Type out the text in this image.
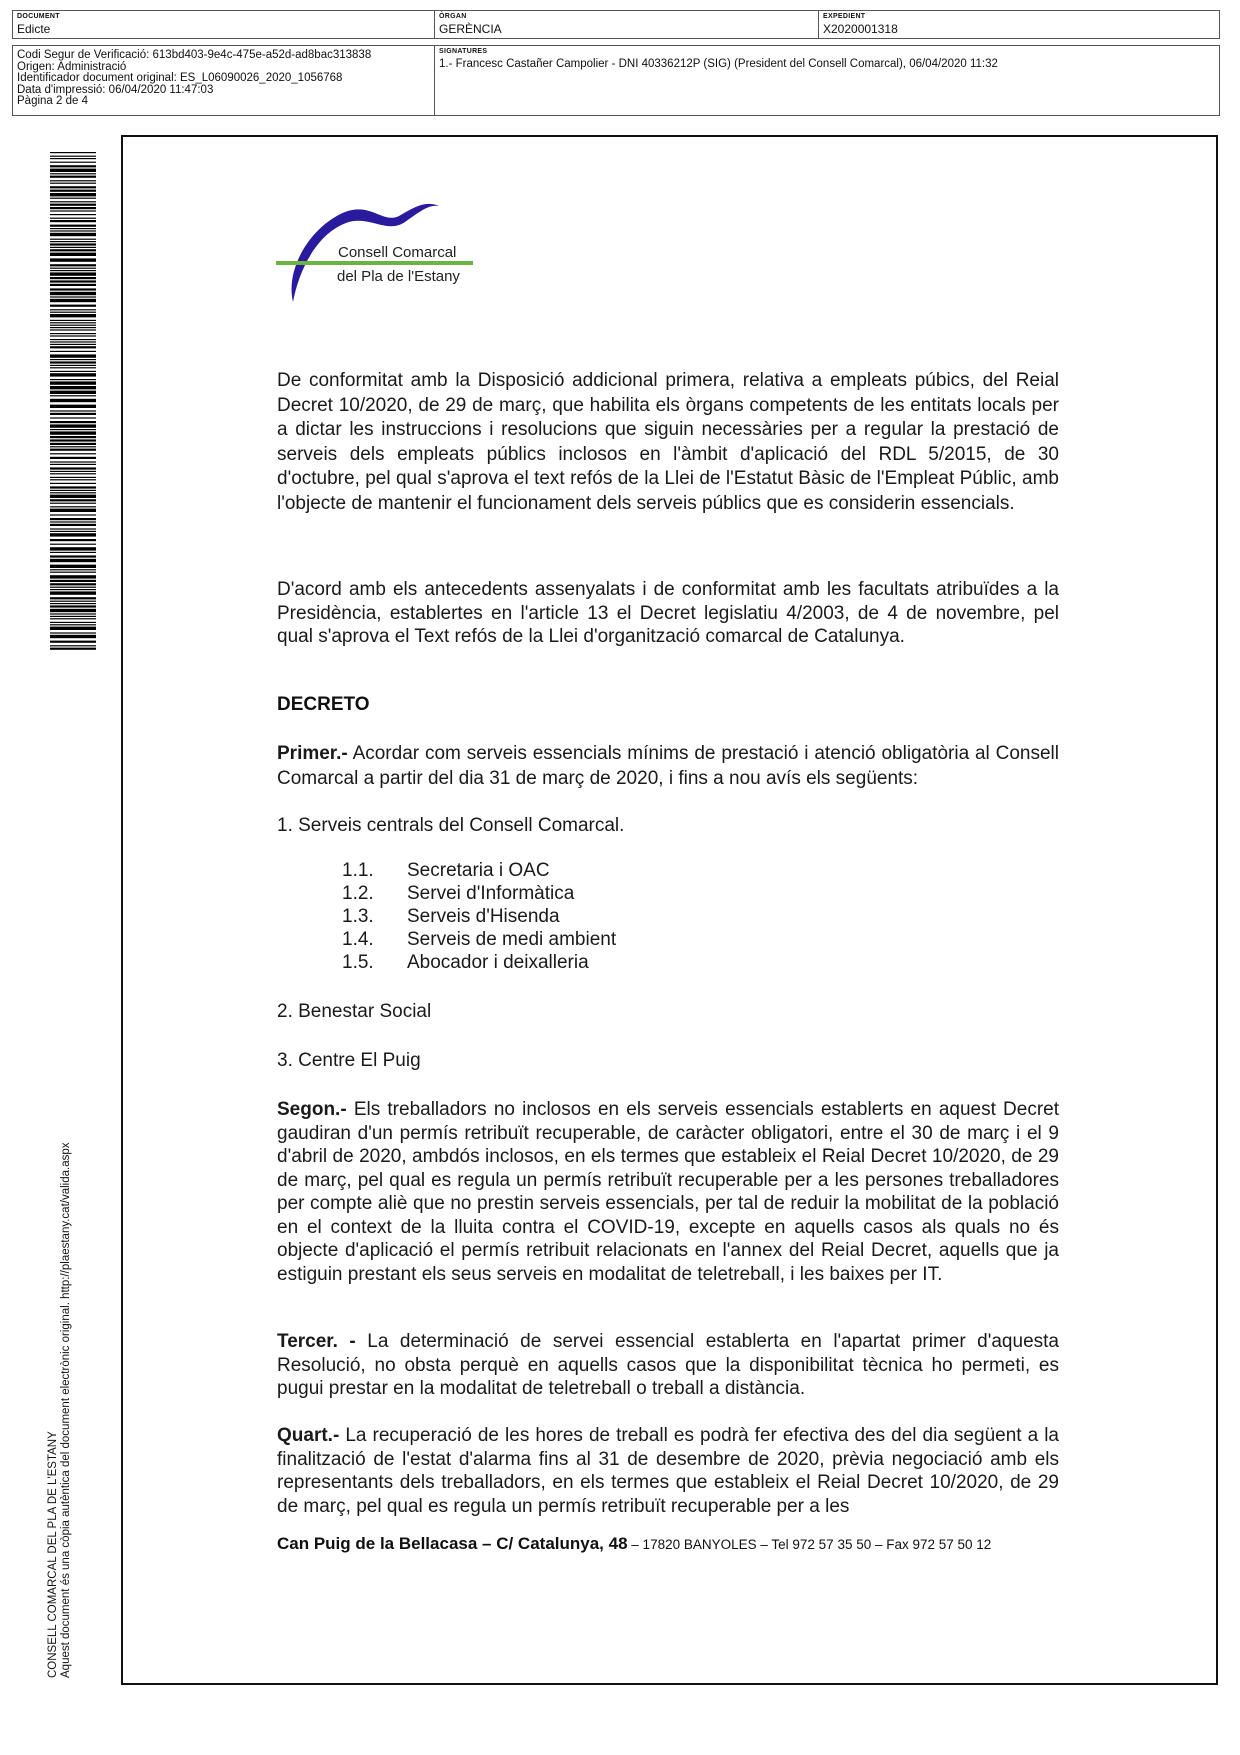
DOCUMENT
Edicte
ÒRGAN
GERÈNCIA
EXPEDIENT
X2020001318
Codi Segur de Verificació: 613bd403-9e4c-475e-a52d-ad8bac313838
Origen: Administració
Identificador document original: ES_L06090026_2020_1056768
Data d'impressió: 06/04/2020 11:47:03
Pàgina 2 de 4
SIGNATURES
1.- Francesc Castañer Campolier - DNI 40336212P (SIG) (President del Consell Comarcal), 06/04/2020 11:32
CONSELL COMARCAL DEL PLA DE L'ESTANY Aquest document és una còpia autèntica del document electrònic original. http://plaestany.cat/valida.aspx
Consell Comarcal
del Pla de l'Estany
De conformitat amb la Disposició addicional primera, relativa a empleats púbics, del Reial Decret 10/2020, de 29 de març, que habilita els òrgans competents de les entitats locals per a dictar les instruccions i resolucions que siguin necessàries per a regular la prestació de serveis dels empleats públics inclosos en l'àmbit d'aplicació del RDL 5/2015, de 30 d'octubre, pel qual s'aprova el text refós de la Llei de l'Estatut Bàsic de l'Empleat Públic, amb l'objecte de mantenir el funcionament dels serveis públics que es considerin essencials.
D'acord amb els antecedents assenyalats i de conformitat amb les facultats atribuïdes a la Presidència, establertes en l'article 13 el Decret legislatiu 4/2003, de 4 de novembre, pel qual s'aprova el Text refós de la Llei d'organització comarcal de Catalunya.
DECRETO
Primer.- Acordar com serveis essencials mínims de prestació i atenció obligatòria al Consell Comarcal a partir del dia 31 de març de 2020, i fins a nou avís els següents:
1. Serveis centrals del Consell Comarcal.
1.1. Secretaria i OAC
1.2. Servei d'Informàtica
1.3. Serveis d'Hisenda
1.4. Serveis de medi ambient
1.5. Abocador i deixalleria
2. Benestar Social
3. Centre El Puig
Segon.- Els treballadors no inclosos en els serveis essencials establerts en aquest Decret gaudiran d'un permís retribuït recuperable, de caràcter obligatori, entre el 30 de març i el 9 d'abril de 2020, ambdós inclosos, en els termes que estableix el Reial Decret 10/2020, de 29 de març, pel qual es regula un permís retribuït recuperable per a les persones treballadores per compte aliè que no prestin serveis essencials, per tal de reduir la mobilitat de la població en el context de la lluita contra el COVID-19, excepte en aquells casos als quals no és objecte d'aplicació el permís retribuit relacionats en l'annex del Reial Decret, aquells que ja estiguin prestant els seus serveis en modalitat de teletreball, i les baixes per IT.
Tercer. - La determinació de servei essencial establerta en l'apartat primer d'aquesta Resolució, no obsta perquè en aquells casos que la disponibilitat tècnica ho permeti, es pugui prestar en la modalitat de teletreball o treball a distància.
Quart.- La recuperació de les hores de treball es podrà fer efectiva des del dia següent a la finalització de l'estat d'alarma fins al 31 de desembre de 2020, prèvia negociació amb els representants dels treballadors, en els termes que estableix el Reial Decret 10/2020, de 29 de març, pel qual es regula un permís retribuït recuperable per a les
Can Puig de la Bellacasa – C/ Catalunya, 48 – 17820 BANYOLES – Tel 972 57 35 50 – Fax 972 57 50 12
